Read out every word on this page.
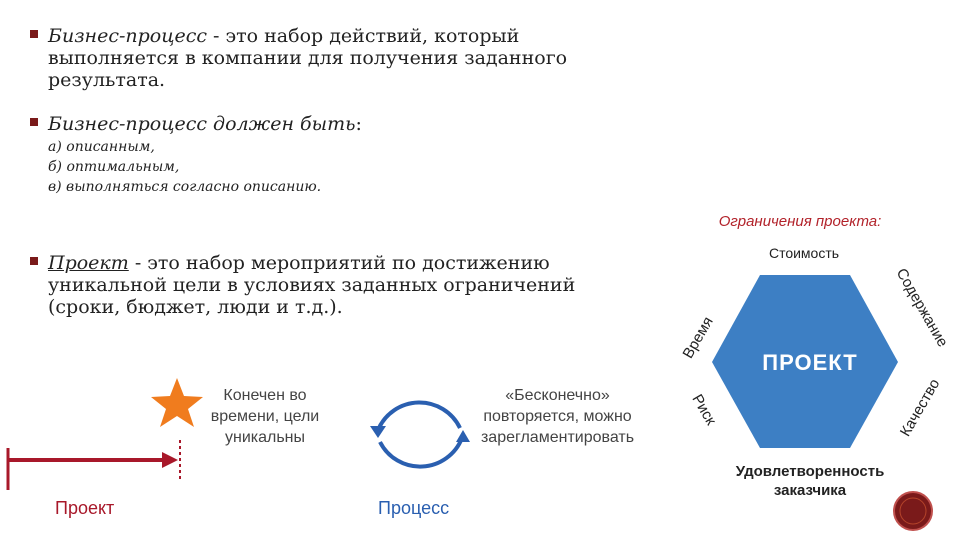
Бизнес-процесс - это набор действий, который
выполняется в компании для получения заданного
результата.
Бизнес-процесс должен быть:
а) описанным,
б) оптимальным,
в) выполняться согласно описанию.
Проект - это набор мероприятий по достижению
уникальной цели в условиях заданных ограничений
(сроки, бюджет, люди и т.д.).
Конечен во
времени, цели
уникальны
«Бесконечно»
повторяется, можно
зарегламентировать
Проект	Процесс
Ограничения проекта:
Стоимость
ПРОЕКТ
Время	Содержание
Риск	Качество
Удовлетворенность
заказчика
